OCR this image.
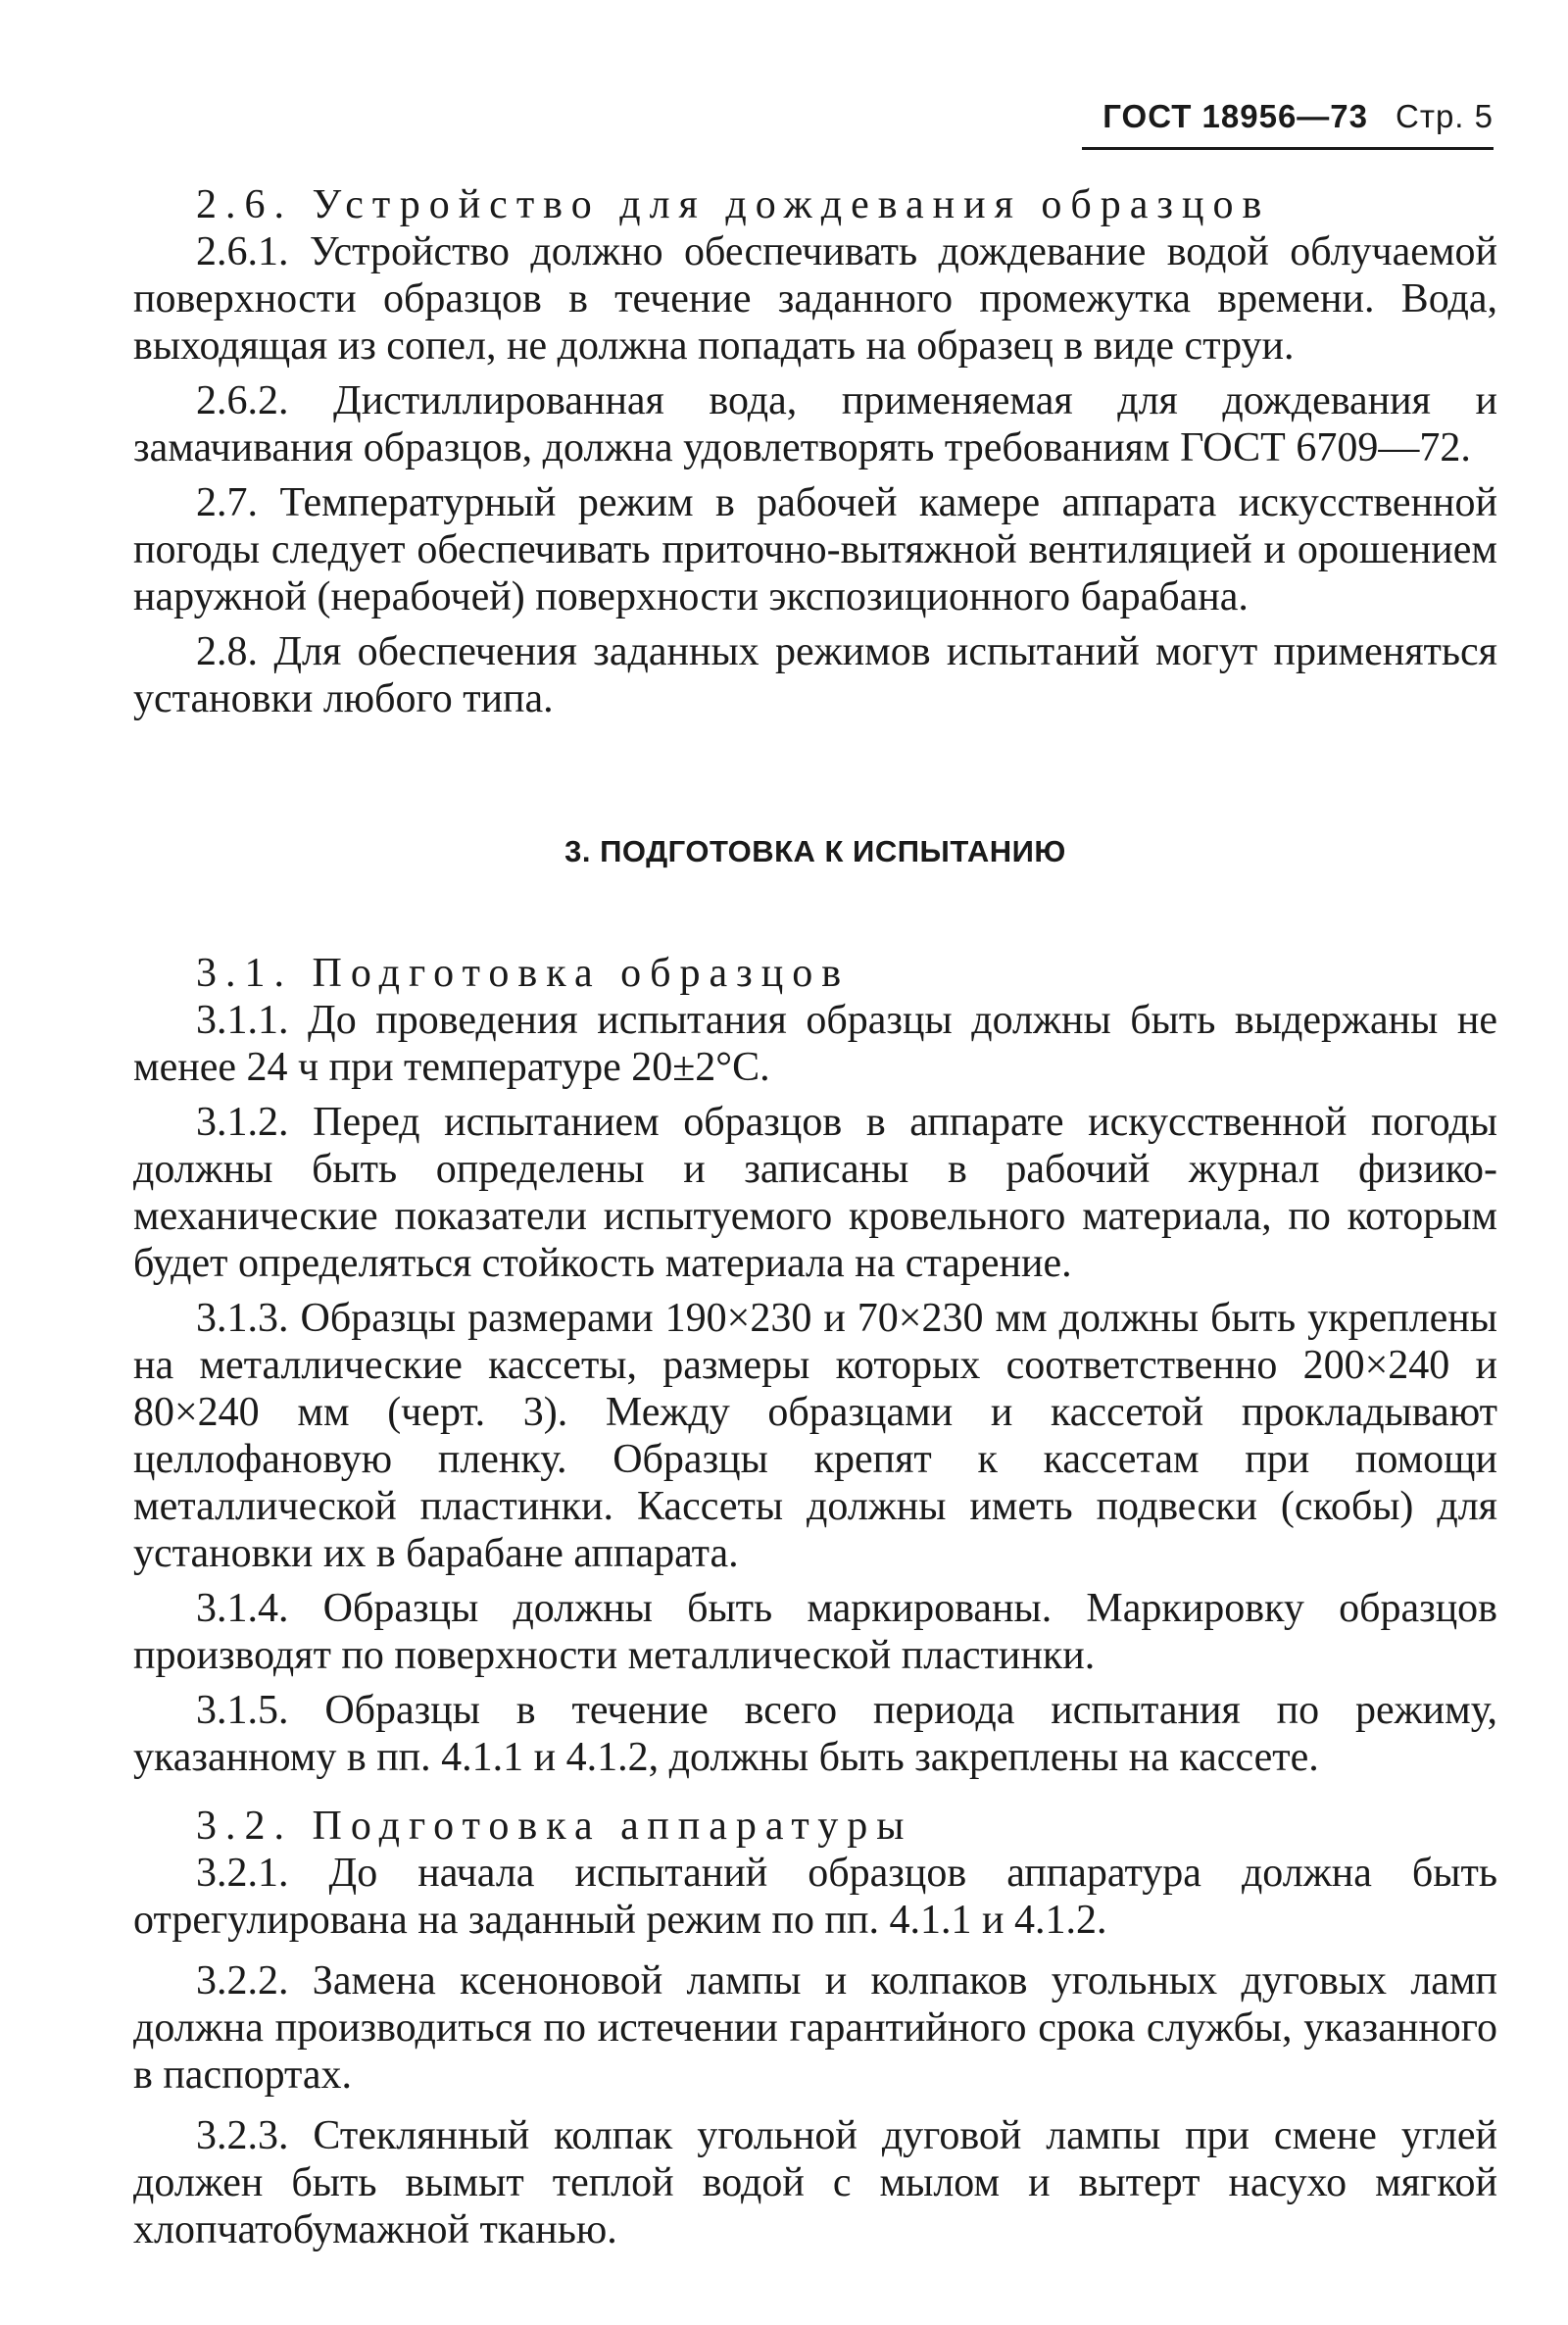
ГОСТ 18956—73 Стр. 5

2.6. Устройство для дождевания образцов

2.6.1. Устройство должно обеспечивать дождевание водой облучаемой поверхности образцов в течение заданного промежутка времени. Вода, выходящая из сопел, не должна попадать на образец в виде струи.

2.6.2. Дистиллированная вода, применяемая для дождевания и замачивания образцов, должна удовлетворять требованиям ГОСТ 6709—72.

2.7. Температурный режим в рабочей камере аппарата искусственной погоды следует обеспечивать приточно-вытяжной вентиляцией и орошением наружной (нерабочей) поверхности экспозиционного барабана.

2.8. Для обеспечения заданных режимов испытаний могут применяться установки любого типа.

3. ПОДГОТОВКА К ИСПЫТАНИЮ

3.1. Подготовка образцов

3.1.1. До проведения испытания образцы должны быть выдержаны не менее 24 ч при температуре 20±2°С.

3.1.2. Перед испытанием образцов в аппарате искусственной погоды должны быть определены и записаны в рабочий журнал физико-механические показатели испытуемого кровельного материала, по которым будет определяться стойкость материала на старение.

3.1.3. Образцы размерами 190×230 и 70×230 мм должны быть укреплены на металлические кассеты, размеры которых соответственно 200×240 и 80×240 мм (черт. 3). Между образцами и кассетой прокладывают целлофановую пленку. Образцы крепят к кассетам при помощи металлической пластинки. Кассеты должны иметь подвески (скобы) для установки их в барабане аппарата.

3.1.4. Образцы должны быть маркированы. Маркировку образцов производят по поверхности металлической пластинки.

3.1.5. Образцы в течение всего периода испытания по режиму, указанному в пп. 4.1.1 и 4.1.2, должны быть закреплены на кассете.

3.2. Подготовка аппаратуры

3.2.1. До начала испытаний образцов аппаратура должна быть отрегулирована на заданный режим по пп. 4.1.1 и 4.1.2.

3.2.2. Замена ксеноновой лампы и колпаков угольных дуговых ламп должна производиться по истечении гарантийного срока службы, указанного в паспортах.

3.2.3. Стеклянный колпак угольной дуговой лампы при смене углей должен быть вымыт теплой водой с мылом и вытерт насухо мягкой хлопчатобумажной тканью.
